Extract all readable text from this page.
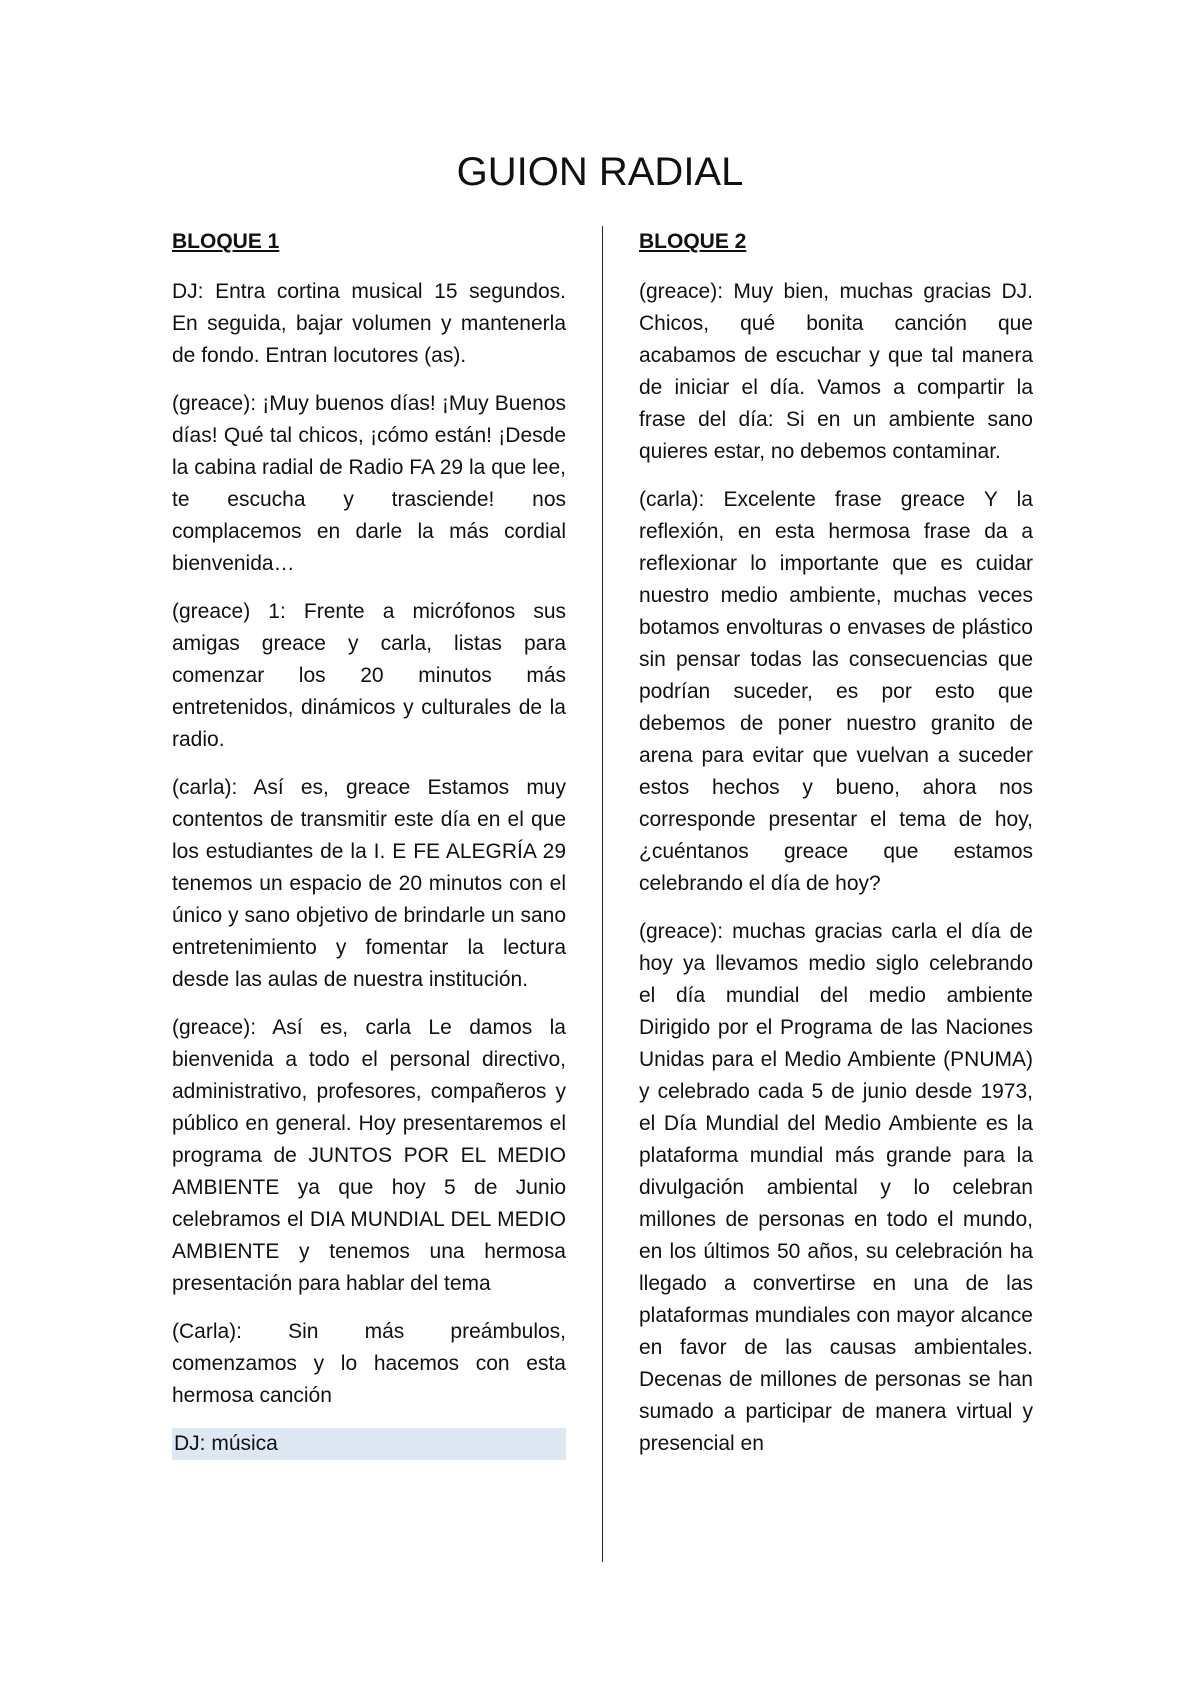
GUION RADIAL

BLOQUE 1

DJ: Entra cortina musical 15 segundos. En seguida, bajar volumen y mantenerla de fondo. Entran locutores (as).

(greace): ¡Muy buenos días! ¡Muy Buenos días! Qué tal chicos, ¡cómo están! ¡Desde la cabina radial de Radio FA 29 la que lee, te escucha y trasciende! nos complacemos en darle la más cordial bienvenida…

(greace) 1: Frente a micrófonos sus amigas greace y carla, listas para comenzar los 20 minutos más entretenidos, dinámicos y culturales de la radio.

(carla): Así es, greace Estamos muy contentos de transmitir este día en el que los estudiantes de la I. E FE ALEGRÍA 29 tenemos un espacio de 20 minutos con el único y sano objetivo de brindarle un sano entretenimiento y fomentar la lectura desde las aulas de nuestra institución.

(greace): Así es, carla Le damos la bienvenida a todo el personal directivo, administrativo, profesores, compañeros y público en general. Hoy presentaremos el programa de JUNTOS POR EL MEDIO AMBIENTE ya que hoy 5 de Junio celebramos el DIA MUNDIAL DEL MEDIO AMBIENTE y tenemos una hermosa presentación para hablar del tema

(Carla): Sin más preámbulos, comenzamos y lo hacemos con esta hermosa canción

DJ: música

BLOQUE 2

(greace): Muy bien, muchas gracias DJ. Chicos, qué bonita canción que acabamos de escuchar y que tal manera de iniciar el día. Vamos a compartir la frase del día: Si en un ambiente sano quieres estar, no debemos contaminar.

(carla): Excelente frase greace Y la reflexión, en esta hermosa frase da a reflexionar lo importante que es cuidar nuestro medio ambiente, muchas veces botamos envolturas o envases de plástico sin pensar todas las consecuencias que podrían suceder, es por esto que debemos de poner nuestro granito de arena para evitar que vuelvan a suceder estos hechos y bueno, ahora nos corresponde presentar el tema de hoy, ¿cuéntanos greace que estamos celebrando el día de hoy?

(greace): muchas gracias carla el día de hoy ya llevamos medio siglo celebrando el día mundial del medio ambiente Dirigido por el Programa de las Naciones Unidas para el Medio Ambiente (PNUMA) y celebrado cada 5 de junio desde 1973, el Día Mundial del Medio Ambiente es la plataforma mundial más grande para la divulgación ambiental y lo celebran millones de personas en todo el mundo, en los últimos 50 años, su celebración ha llegado a convertirse en una de las plataformas mundiales con mayor alcance en favor de las causas ambientales. Decenas de millones de personas se han sumado a participar de manera virtual y presencial en
